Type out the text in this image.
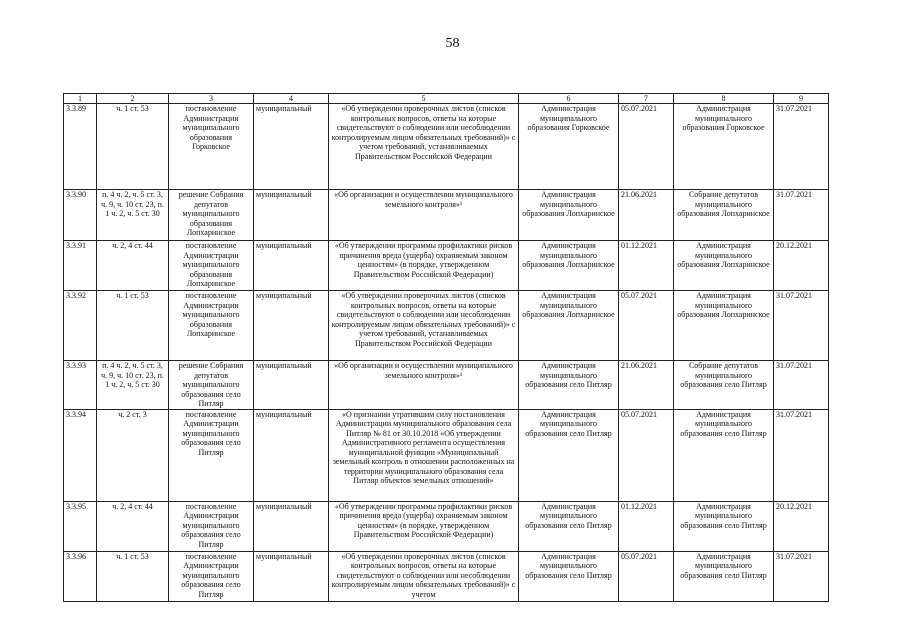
58
1	2	3	4	5	6	7	8	9
3.3.89	ч. 1 ст. 53	постановление Администрации муниципального образования Горковское	муниципальный	«Об утверждении проверочных листов (списков контрольных вопросов, ответы на которые свидетельствуют о соблюдении или несоблюдении контролируемым лицом обязательных требований)» с учетом требований, устанавливаемых Правительством Российской Федерации	Администрация муниципального образования Горковское	05.07.2021	Администрация муниципального образования Горковское	31.07.2021
3.3.90	п. 4 ч. 2, ч. 5 ст. 3, ч. 9, ч. 10 ст. 23, п. 1 ч. 2, ч. 5 ст. 30	решение Собрания депутатов муниципального образования Лопхаринское	муниципальный	«Об организации и осуществлении муниципального земельного контроля»¹	Администрация муниципального образования Лопхаринское	21.06.2021	Собрание депутатов муниципального образования Лопхаринское	31.07.2021
3.3.91	ч. 2, 4 ст. 44	постановление Администрации муниципального образования Лопхаринское	муниципальный	«Об утверждении программы профилактики рисков причинения вреда (ущерба) охраняемым законом ценностям» (в порядке, утвержденном Правительством Российской Федерации)	Администрация муниципального образования Лопхаринское	01.12.2021	Администрация муниципального образования Лопхаринское	20.12.2021
3.3.92	ч. 1 ст. 53	постановление Администрации муниципального образования Лопхаринское	муниципальный	«Об утверждении проверочных листов (списков контрольных вопросов, ответы на которые свидетельствуют о соблюдении или несоблюдении контролируемым лицом обязательных требований)» с учетом требований, устанавливаемых Правительством Российской Федерации	Администрация муниципального образования Лопхаринское	05.07.2021	Администрация муниципального образования Лопхаринское	31.07.2021
3.3.93	п. 4 ч. 2, ч. 5 ст. 3, ч. 9, ч. 10 ст. 23, п. 1 ч. 2, ч. 5 ст. 30	решение Собрания депутатов муниципального образования село Питляр	муниципальный	«Об организации и осуществлении муниципального земельного контроля»¹	Администрация муниципального образования село Питляр	21.06.2021	Собрание депутатов муниципального образования село Питляр	31.07.2021
3.3.94	ч. 2 ст. 3	постановление Администрации муниципального образования село Питляр	муниципальный	«О признании утратившим силу постановления Администрации муниципального образования села Питляр № 81 от 30.10.2018 «Об утверждении Административного регламента осуществления муниципальной функции «Муниципальный земельный контроль в отношении расположенных на территории муниципального образования села Питляр объектов земельных отношений»	Администрация муниципального образования село Питляр	05.07.2021	Администрация муниципального образования село Питляр	31.07.2021
3.3.95	ч. 2, 4 ст. 44	постановление Администрации муниципального образования село Питляр	муниципальный	«Об утверждении программы профилактики рисков причинения вреда (ущерба) охраняемым законом ценностям» (в порядке, утвержденном Правительством Российской Федерации)	Администрация муниципального образования село Питляр	01.12.2021	Администрация муниципального образования село Питляр	20.12.2021
3.3.96	ч. 1 ст. 53	постановление Администрации муниципального образования село Питляр	муниципальный	«Об утверждении проверочных листов (списков контрольных вопросов, ответы на которые свидетельствуют о соблюдении или несоблюдении контролируемым лицом обязательных требований)» с учетом	Администрация муниципального образования село Питляр	05.07.2021	Администрация муниципального образования село Питляр	31.07.2021
